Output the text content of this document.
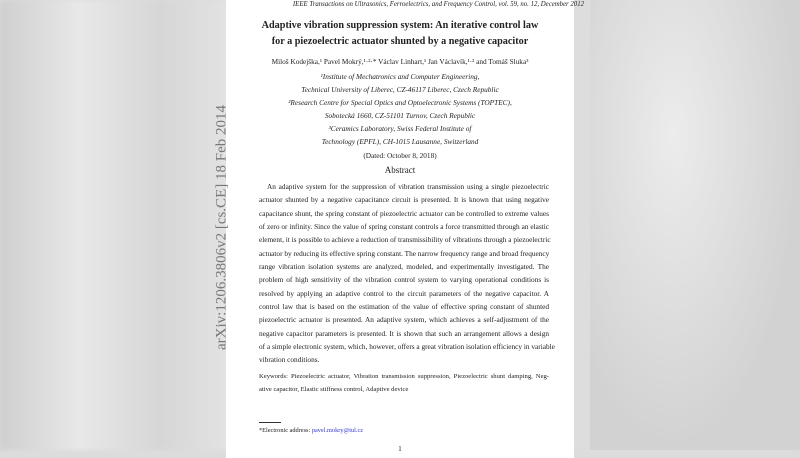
IEEE Transactions on Ultrasonics, Ferroelectrics, and Frequency Control, vol. 59, no. 12, December 2012
Adaptive vibration suppression system: An iterative control law
for a piezoelectric actuator shunted by a negative capacitor
Miloš Kodejška,¹ Pavel Mokrý,¹·²·* Václav Linhart,¹ Jan Václavík,¹·² and Tomáš Sluka³
¹Institute of Mechatronics and Computer Engineering,
Technical University of Liberec, CZ-46117 Liberec, Czech Republic
²Research Centre for Special Optics and Optoelectronic Systems (TOPTEC),
Sobotecká 1660, CZ-51101 Turnov, Czech Republic
³Ceramics Laboratory, Swiss Federal Institute of
Technology (EPFL), CH-1015 Lausanne, Switzerland
(Dated: October 8, 2018)
Abstract
An adaptive system for the suppression of vibration transmission using a single piezoelectric
actuator shunted by a negative capacitance circuit is presented. It is known that using negative
capacitance shunt, the spring constant of piezoelectric actuator can be controlled to extreme values
of zero or infinity. Since the value of spring constant controls a force transmitted through an elastic
element, it is possible to achieve a reduction of transmissibility of vibrations through a piezoelectric
actuator by reducing its effective spring constant. The narrow frequency range and broad frequency
range vibration isolation systems are analyzed, modeled, and experimentally investigated. The
problem of high sensitivity of the vibration control system to varying operational conditions is
resolved by applying an adaptive control to the circuit parameters of the negative capacitor. A
control law that is based on the estimation of the value of effective spring constant of shunted
piezoelectric actuator is presented. An adaptive system, which achieves a self-adjustment of the
negative capacitor parameters is presented. It is shown that such an arrangement allows a design
of a simple electronic system, which, however, offers a great vibration isolation efficiency in variable
vibration conditions.
Keywords: Piezoelectric actuator, Vibration transmission suppression, Piezoelectric shunt damping, Neg-
ative capacitor, Elastic stiffness control, Adaptive device
*Electronic address: pavel.mokry@tul.cz
1
arXiv:1206.3806v2 [cs.CE] 18 Feb 2014
